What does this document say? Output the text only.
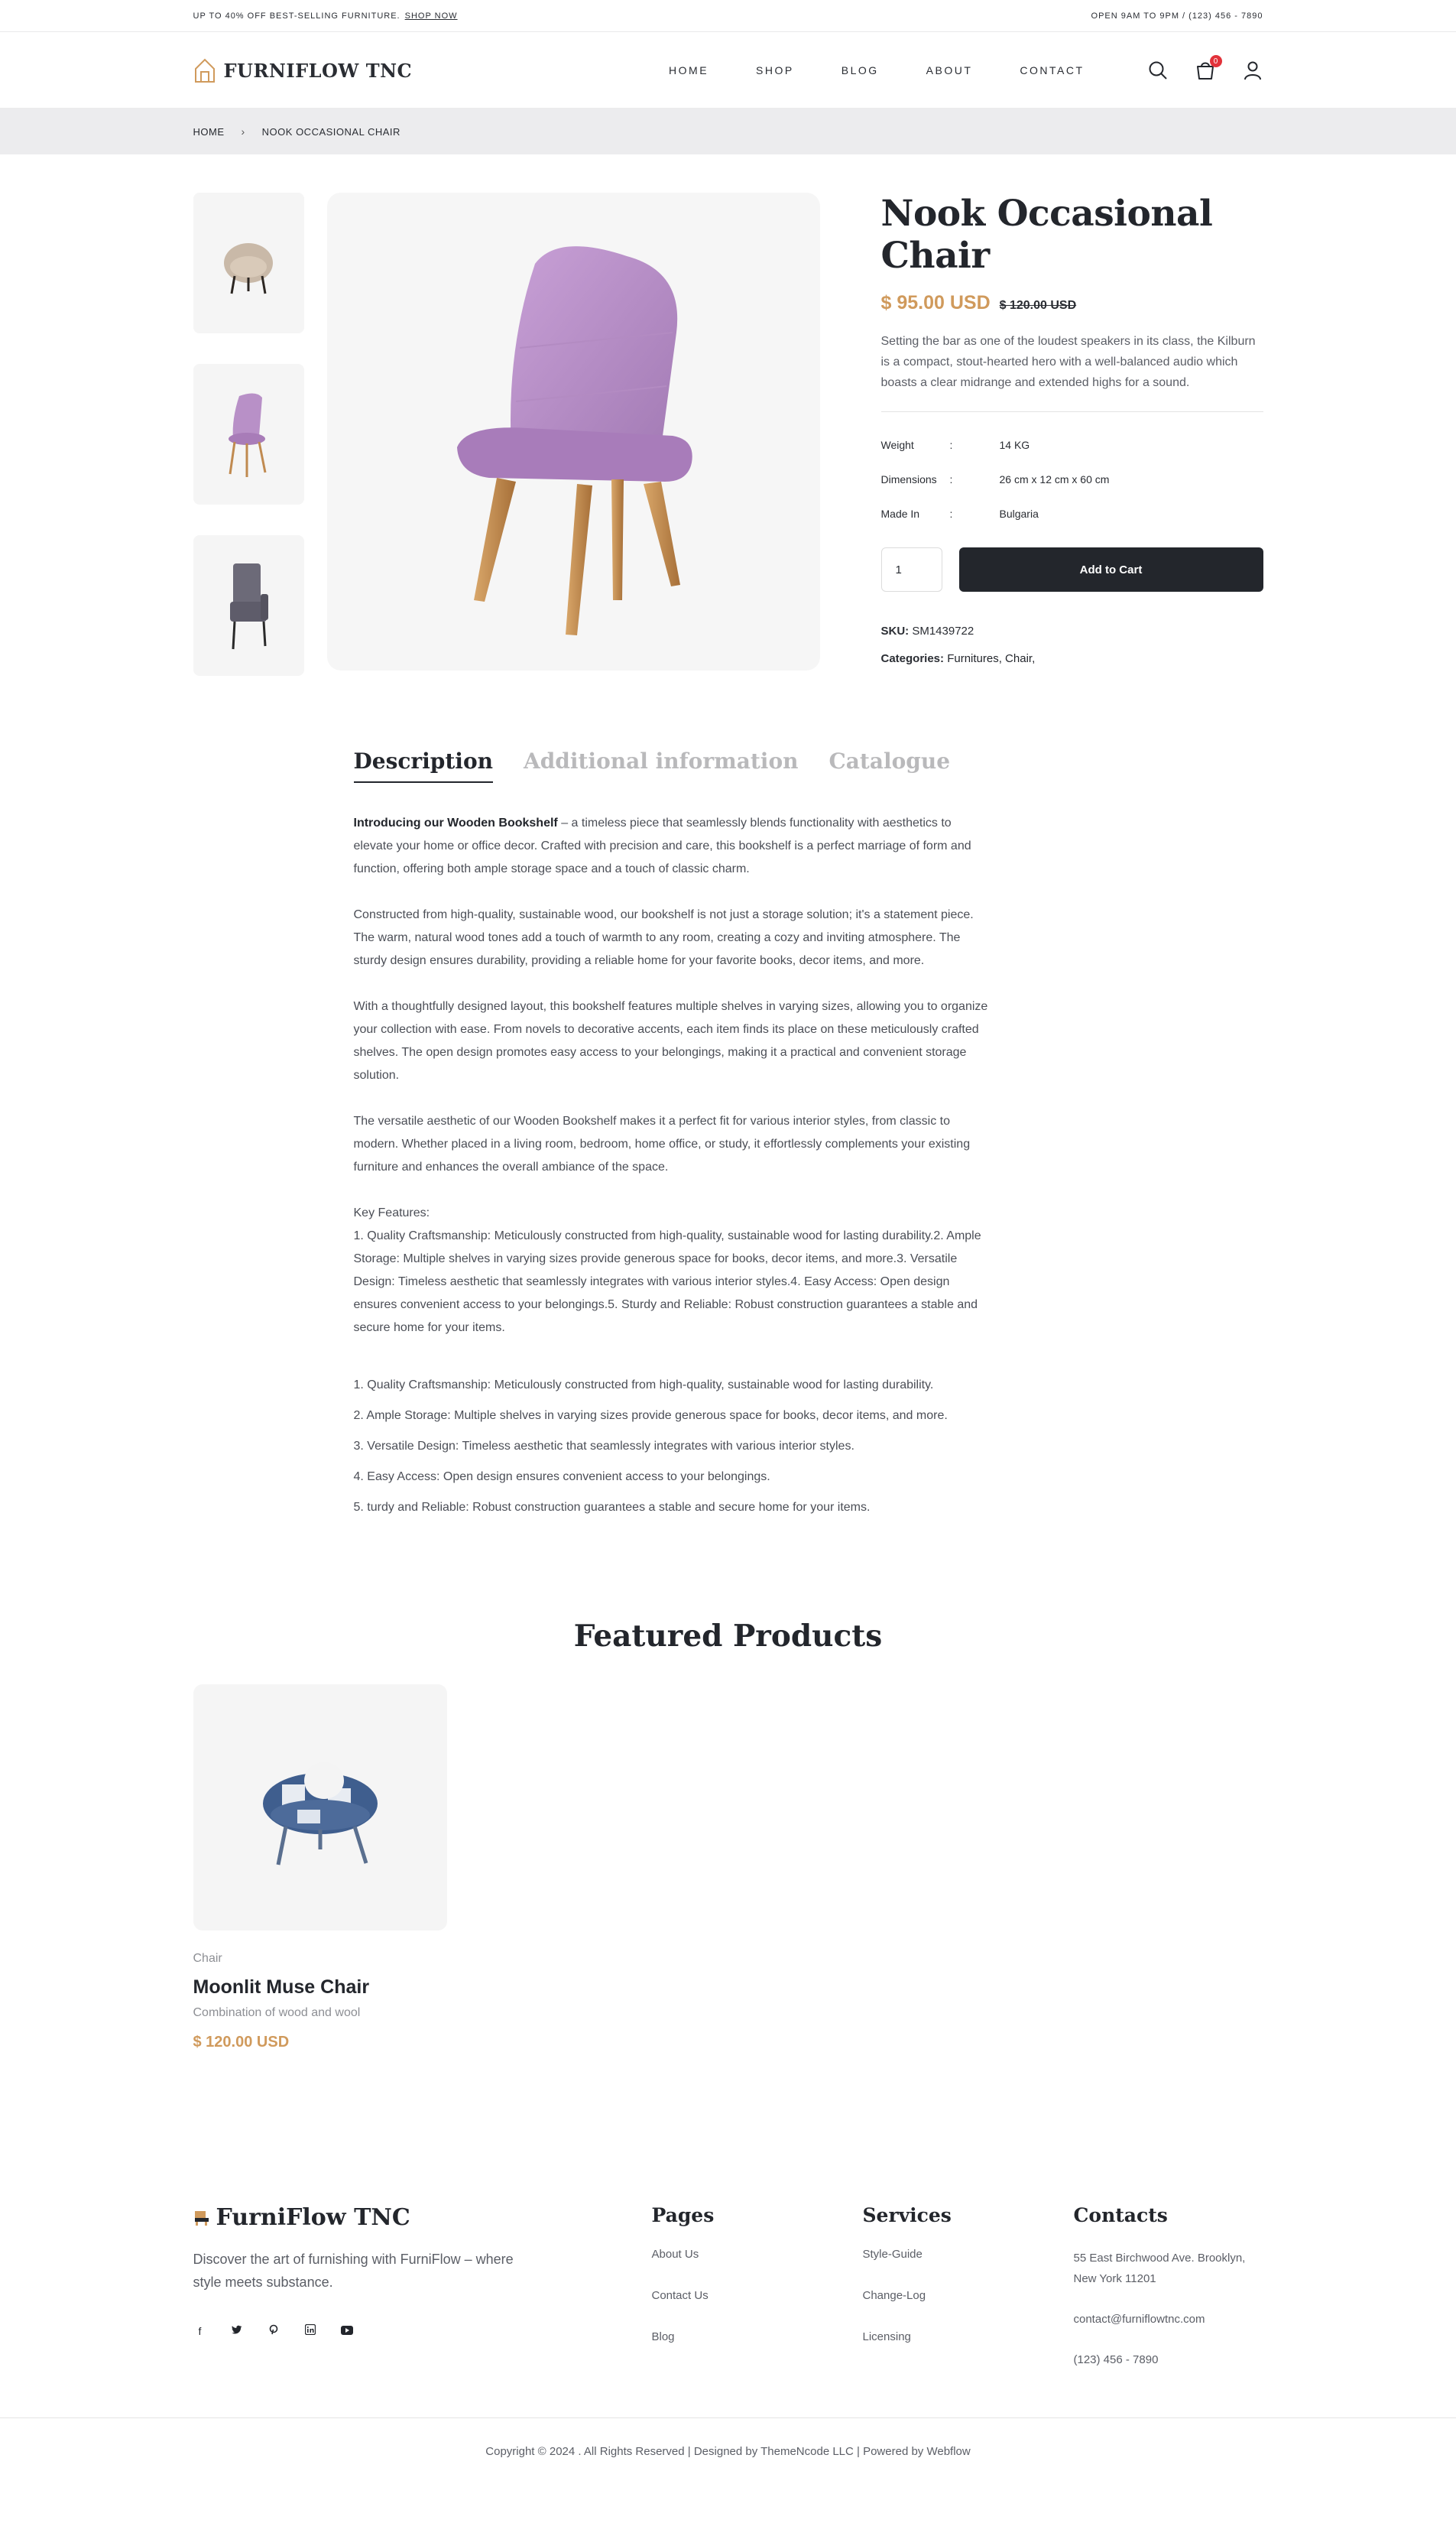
UP TO 40% OFF BEST-SELLING FURNITURE. SHOP NOW	OPEN 9AM TO 9PM / (123) 456 - 7890
FURNIFLOW TNC	HOME	SHOP	BLOG	ABOUT	CONTACT
0
HOME › NOOK OCCASIONAL CHAIR
Nook Occasional Chair
$ 95.00 USD $ 120.00 USD

Setting the bar as one of the loudest speakers in its class, the Kilburn is a compact, stout-hearted hero with a well-balanced audio which boasts a clear midrange and extended highs for a sound.

Weight	:	14 KG
Dimensions	:	26 cm x 12 cm x 60 cm
Made In	:	Bulgaria
1	Add to Cart
SKU: SM1439722
Categories: Furnitures, Chair,
Description Additional information Catalogue

Introducing our Wooden Bookshelf – a timeless piece that seamlessly blends functionality with aesthetics to elevate your home or office decor. Crafted with precision and care, this bookshelf is a perfect marriage of form and function, offering both ample storage space and a touch of classic charm.

Constructed from high-quality, sustainable wood, our bookshelf is not just a storage solution; it's a statement piece. The warm, natural wood tones add a touch of warmth to any room, creating a cozy and inviting atmosphere. The sturdy design ensures durability, providing a reliable home for your favorite books, decor items, and more.

With a thoughtfully designed layout, this bookshelf features multiple shelves in varying sizes, allowing you to organize your collection with ease. From novels to decorative accents, each item finds its place on these meticulously crafted shelves. The open design promotes easy access to your belongings, making it a practical and convenient storage solution.

The versatile aesthetic of our Wooden Bookshelf makes it a perfect fit for various interior styles, from classic to modern. Whether placed in a living room, bedroom, home office, or study, it effortlessly complements your existing furniture and enhances the overall ambiance of the space.

Key Features:
1. Quality Craftsmanship: Meticulously constructed from high-quality, sustainable wood for lasting durability.2. Ample Storage: Multiple shelves in varying sizes provide generous space for books, decor items, and more.3. Versatile Design: Timeless aesthetic that seamlessly integrates with various interior styles.4. Easy Access: Open design ensures convenient access to your belongings.5. Sturdy and Reliable: Robust construction guarantees a stable and secure home for your items.

1. Quality Craftsmanship: Meticulously constructed from high-quality, sustainable wood for lasting durability.
2. Ample Storage: Multiple shelves in varying sizes provide generous space for books, decor items, and more.
3. Versatile Design: Timeless aesthetic that seamlessly integrates with various interior styles.
4. Easy Access: Open design ensures convenient access to your belongings.
5. turdy and Reliable: Robust construction guarantees a stable and secure home for your items.
Featured Products
Chair
Moonlit Muse Chair
Combination of wood and wool
$ 120.00 USD
FurniFlow TNC

Discover the art of furnishing with FurniFlow – where style meets substance.

f
Pages
About Us
Contact Us
Blog
Services
Style-Guide
Change-Log
Licensing
Contacts

55 East Birchwood Ave. Brooklyn, New York 11201

contact@furniflowtnc.com

(123) 456 - 7890

Copyright © 2024 . All Rights Reserved | Designed by ThemeNcode LLC | Powered by Webflow
